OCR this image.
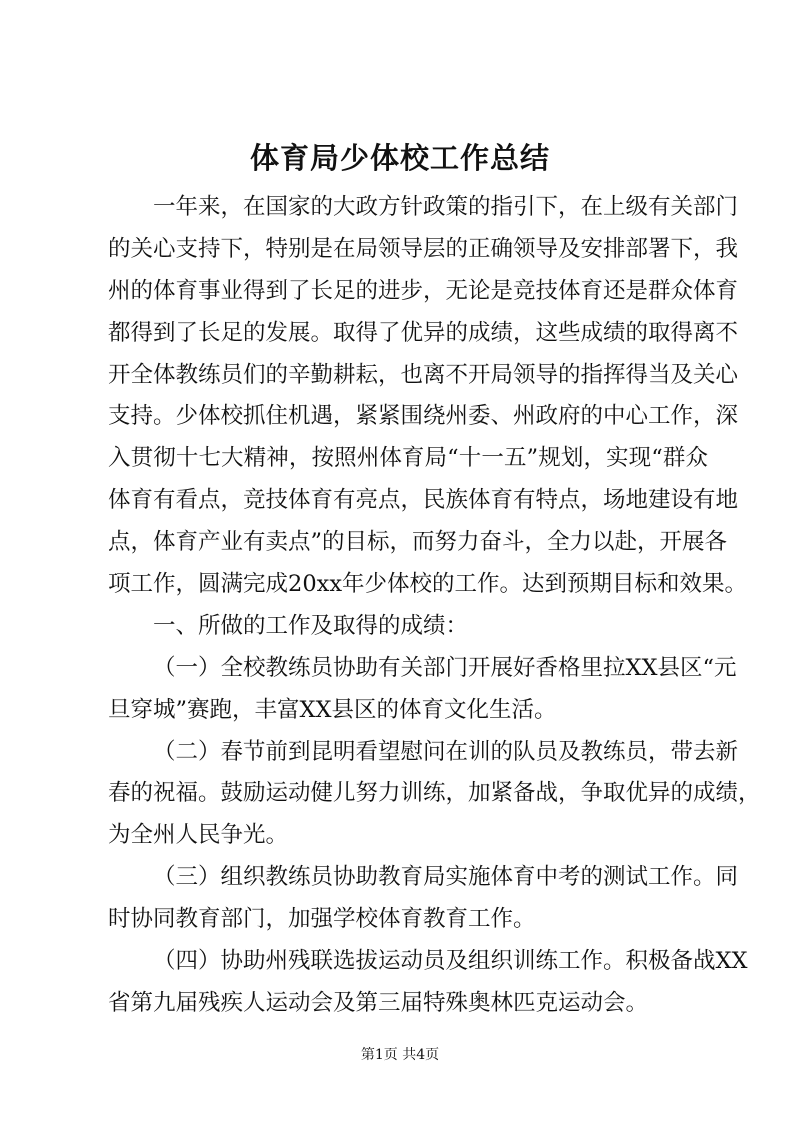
体育局少体校工作总结
一年来，在国家的大政方针政策的指引下，在上级有关部门
的关心支持下，特别是在局领导层的正确领导及安排部署下，我
州的体育事业得到了长足的进步，无论是竞技体育还是群众体育
都得到了长足的发展。取得了优异的成绩，这些成绩的取得离不
开全体教练员们的辛勤耕耘，也离不开局领导的指挥得当及关心
支持。少体校抓住机遇，紧紧围绕州委、州政府的中心工作，深
入贯彻十七大精神，按照州体育局“十一五”规划，实现“群众
体育有看点，竞技体育有亮点，民族体育有特点，场地建设有地
点，体育产业有卖点”的目标，而努力奋斗，全力以赴，开展各
项工作，圆满完成20xx年少体校的工作。达到预期目标和效果。
一、所做的工作及取得的成绩：
（一）全校教练员协助有关部门开展好香格里拉XX县区“元
旦穿城”赛跑，丰富XX县区的体育文化生活。
（二）春节前到昆明看望慰问在训的队员及教练员，带去新
春的祝福。鼓励运动健儿努力训练，加紧备战，争取优异的成绩，
为全州人民争光。
（三）组织教练员协助教育局实施体育中考的测试工作。同
时协同教育部门，加强学校体育教育工作。
（四）协助州残联选拔运动员及组织训练工作。积极备战XX
省第九届残疾人运动会及第三届特殊奥林匹克运动会。
第1页 共4页
